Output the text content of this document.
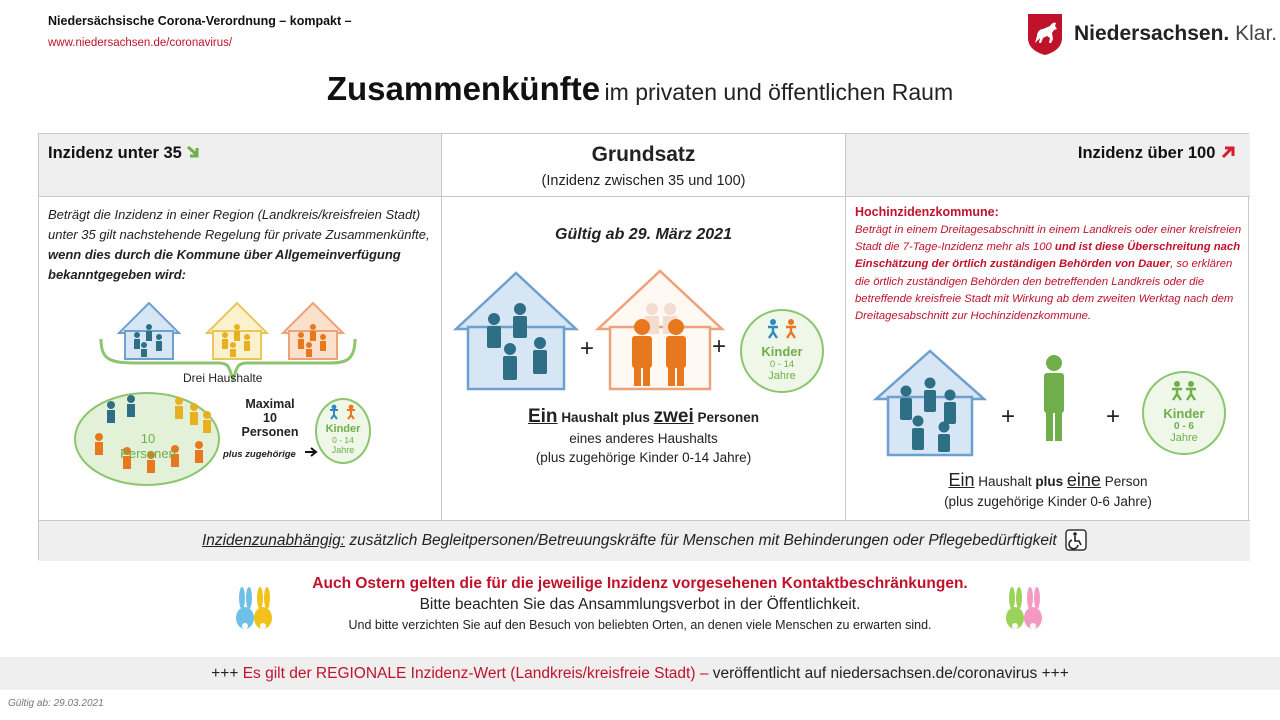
Niedersächsische Corona-Verordnung – kompakt –
www.niedersachsen.de/coronavirus/	Niedersachsen. Klar.
Zusammenkünfte im privaten und öffentlichen Raum
Inzidenz unter 35	Grundsatz
(Inzidenz zwischen 35 und 100)
Inzidenz über 100
Beträgt die Inzidenz in einer Region (Landkreis/kreisfreien Stadt) unter 35 gilt nachstehende Regelung für private Zusammenkünfte, wenn dies durch die Kommune über Allgemeinverfügung bekanntgegeben wird:
Drei Haushalte
10 Personen
Maximal
10 Personen
plus zugehörige
Kinder
0 - 14
Jahre
Gültig ab 29. März 2021
+	+	Kinder
0 - 14
Jahre
Ein Haushalt plus zwei Personen
eines anderes Haushalts
(plus zugehörige Kinder 0-14 Jahre)
Hochinzidenzkommune:
Beträgt in einem Dreitagesabschnitt in einem Landkreis oder einer kreisfreien Stadt die 7-Tage-Inzidenz mehr als 100 und ist diese Überschreitung nach Einschätzung der örtlich zuständigen Behörden von Dauer, so erklären die örtlich zuständigen Behörden den betreffenden Landkreis oder die betreffende kreisfreie Stadt mit Wirkung ab dem zweiten Werktag nach dem Dreitagesabschnitt zur Hochinzidenzkommune.
+	+	Kinder
0 - 6
Jahre
Ein Haushalt plus eine Person
(plus zugehörige Kinder 0-6 Jahre)
Inzidenzunabhängig: zusätzlich Begleitpersonen/Betreuungskräfte für Menschen mit Behinderungen oder Pflegebedürftigkeit
Auch Ostern gelten die für die jeweilige Inzidenz vorgesehenen Kontaktbeschränkungen.
Bitte beachten Sie das Ansammlungsverbot in der Öffentlichkeit.
Und bitte verzichten Sie auf den Besuch von beliebten Orten, an denen viele Menschen zu erwarten sind.
+++ Es gilt der REGIONALE Inzidenz-Wert (Landkreis/kreisfreie Stadt) – veröffentlicht auf niedersachsen.de/coronavirus +++
Gültig ab: 29.03.2021
